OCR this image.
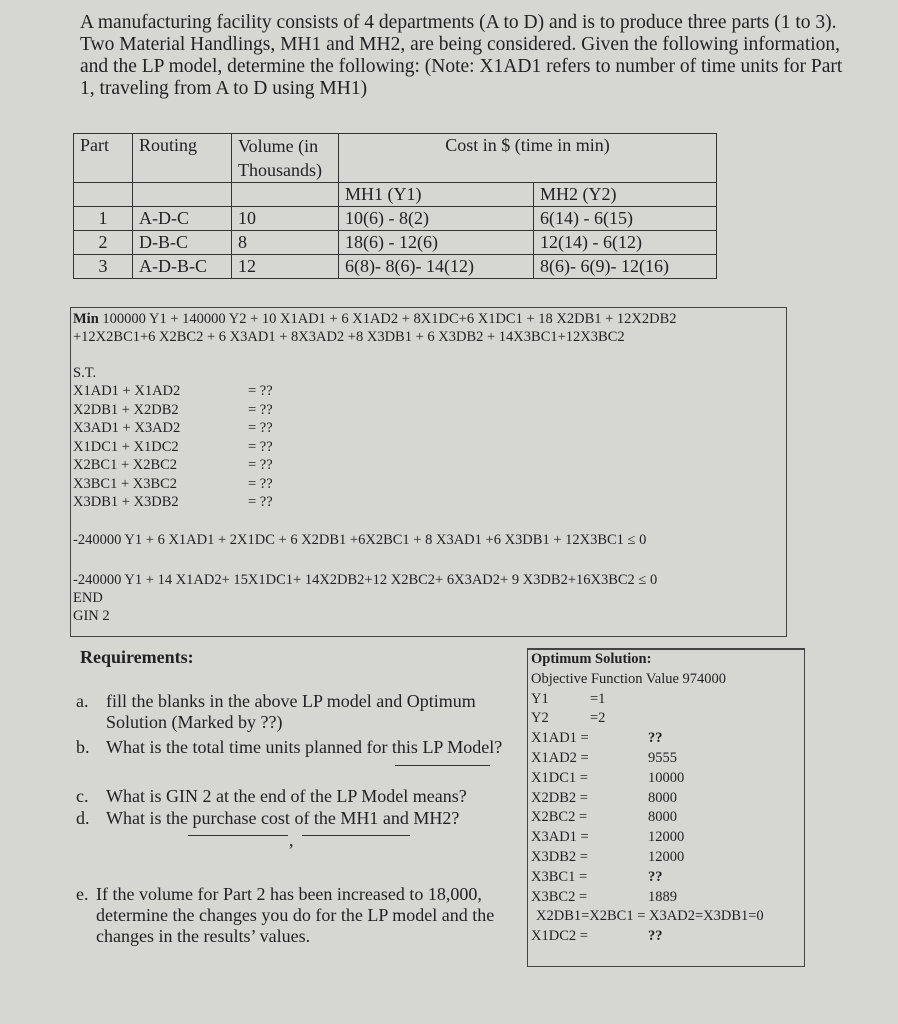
A manufacturing facility consists of 4 departments (A to D) and is to produce three parts (1 to 3). Two Material Handlings, MH1 and MH2, are being considered. Given the following information, and the LP model, determine the following: (Note: X1AD1 refers to number of time units for Part 1, traveling from A to D using MH1)
Part	Routing	Volume (in Thousands)	Cost in $ (time in min)	
			MH1 (Y1)	MH2 (Y2)
1	A-D-C	10	10(6) - 8(2)	6(14) - 6(15)
2	D-B-C	8	18(6) - 12(6)	12(14) - 6(12)
3	A-D-B-C	12	6(8)- 8(6)- 14(12)	8(6)- 6(9)- 12(16)
Min 100000 Y1 + 140000 Y2 + 10 X1AD1 + 6 X1AD2 + 8X1DC+6 X1DC1 + 18 X2DB1 + 12X2DB2
+12X2BC1+6 X2BC2 + 6 X3AD1 + 8X3AD2 +8 X3DB1 + 6 X3DB2 + 14X3BC1+12X3BC2
S.T.
X1AD1 + X1AD2	= ??
X2DB1 + X2DB2	= ??
X3AD1 + X3AD2	= ??
X1DC1 + X1DC2	= ??
X2BC1 + X2BC2	= ??
X3BC1 + X3BC2	= ??
X3DB1 + X3DB2	= ??
-240000 Y1 + 6 X1AD1 + 2X1DC + 6 X2DB1 +6X2BC1 + 8 X3AD1 +6 X3DB1 + 12X3BC1 ≤ 0
-240000 Y1 + 14 X1AD2+ 15X1DC1+ 14X2DB2+12 X2BC2+ 6X3AD2+ 9 X3DB2+16X3BC2 ≤ 0
END
GIN 2
Requirements:
a. fill the blanks in the above LP model and Optimum Solution (Marked by ??)
b. What is the total time units planned for this LP Model?
c. What is GIN 2 at the end of the LP Model means?
d. What is the purchase cost of the MH1 and MH2?
,
e. If the volume for Part 2 has been increased to 18,000, determine the changes you do for the LP model and the changes in the results’ values.
Optimum Solution:
Objective Function Value 974000
Y1	=1
Y2	=2
X1AD1 =	??
X1AD2 =	9555
X1DC1 =	10000
X2DB2 =	8000
X2BC2 =	8000
X3AD1 =	12000
X3DB2 =	12000
X3BC1 =	??
X3BC2 =	1889
X2DB1=X2BC1 = X3AD2=X3DB1=0
X1DC2 =	??
